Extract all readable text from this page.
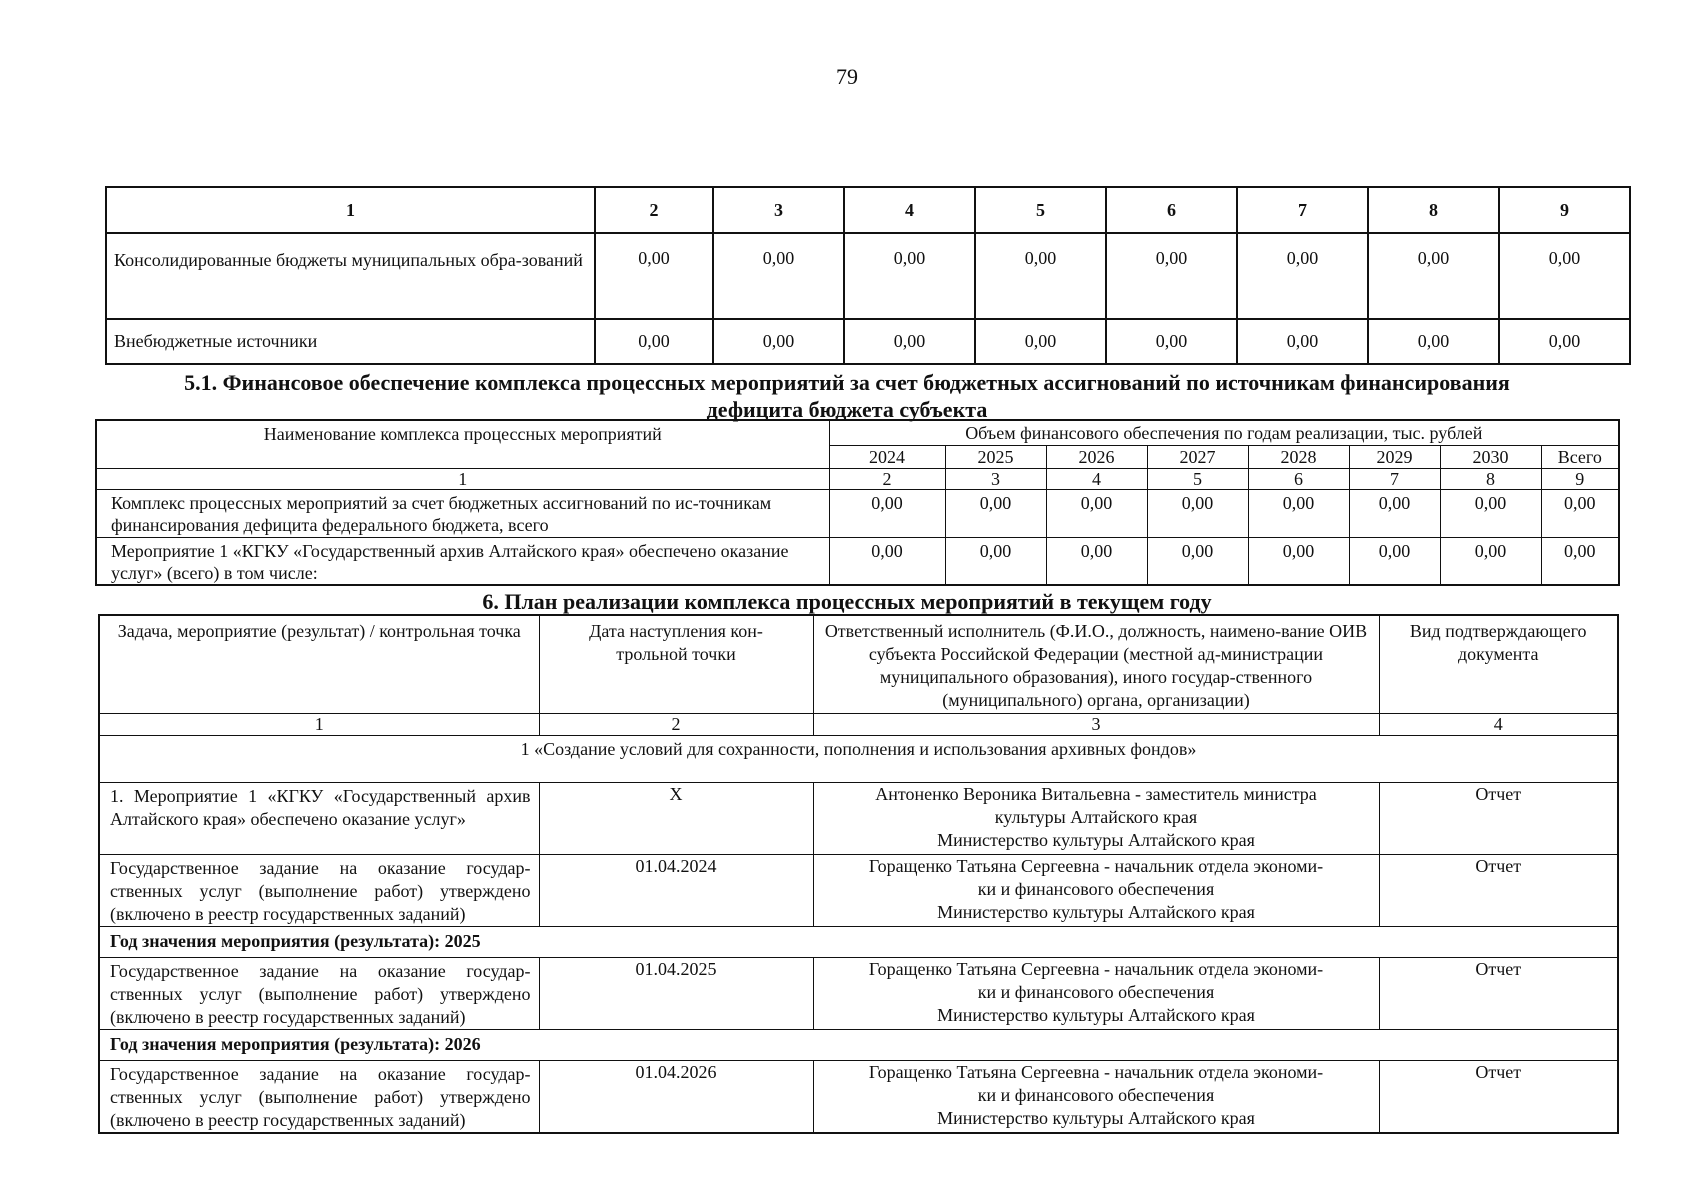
79
1	2	3	4	5	6	7	8	9
Консолидированные бюджеты муниципальных обра-зований	0,00	0,00	0,00	0,00	0,00	0,00	0,00	0,00
Внебюджетные источники	0,00	0,00	0,00	0,00	0,00	0,00	0,00	0,00
5.1. Финансовое обеспечение комплекса процессных мероприятий за счет бюджетных ассигнований по источникам финансирования
дефицита бюджета субъекта
Наименование комплекса процессных мероприятий	Объем финансового обеспечения по годам реализации, тыс. рублей							
	2024	2025	2026	2027	2028	2029	2030	Всего
1	2	3	4	5	6	7	8	9
Комплекс процессных мероприятий за счет бюджетных ассигнований по ис-точникам финансирования дефицита федерального бюджета, всего	0,00	0,00	0,00	0,00	0,00	0,00	0,00	0,00
Мероприятие 1 «КГКУ «Государственный архив Алтайского края» обеспечено оказание услуг» (всего) в том числе:	0,00	0,00	0,00	0,00	0,00	0,00	0,00	0,00
6. План реализации комплекса процессных мероприятий в текущем году
Задача, мероприятие (результат) / контрольная точка	Дата наступления кон-трольной точки	Ответственный исполнитель (Ф.И.О., должность, наимено-вание ОИВ субъекта Российской Федерации (местной ад-министрации муниципального образования), иного государ-ственного (муниципального) органа, организации)	Вид подтверждающего документа
1	2	3	4
1 «Создание условий для сохранности, пополнения и использования архивных фондов»			
1. Мероприятие 1 «КГКУ «Государственный архив Алтайского края» обеспечено оказание услуг»	Х	Антоненко Вероника Витальевна - заместитель министра
культуры Алтайского края
Министерство культуры Алтайского края	Отчет
Государственное задание на оказание государ-ственных услуг (выполнение работ) утверждено (включено в реестр государственных заданий)	01.04.2024	Горащенко Татьяна Сергеевна - начальник отдела экономи-
ки и финансового обеспечения
Министерство культуры Алтайского края	Отчет
Год значения мероприятия (результата): 2025			
Государственное задание на оказание государ-ственных услуг (выполнение работ) утверждено (включено в реестр государственных заданий)	01.04.2025	Горащенко Татьяна Сергеевна - начальник отдела экономи-
ки и финансового обеспечения
Министерство культуры Алтайского края	Отчет
Год значения мероприятия (результата): 2026			
Государственное задание на оказание государ-ственных услуг (выполнение работ) утверждено (включено в реестр государственных заданий)	01.04.2026	Горащенко Татьяна Сергеевна - начальник отдела экономи-
ки и финансового обеспечения
Министерство культуры Алтайского края	Отчет
